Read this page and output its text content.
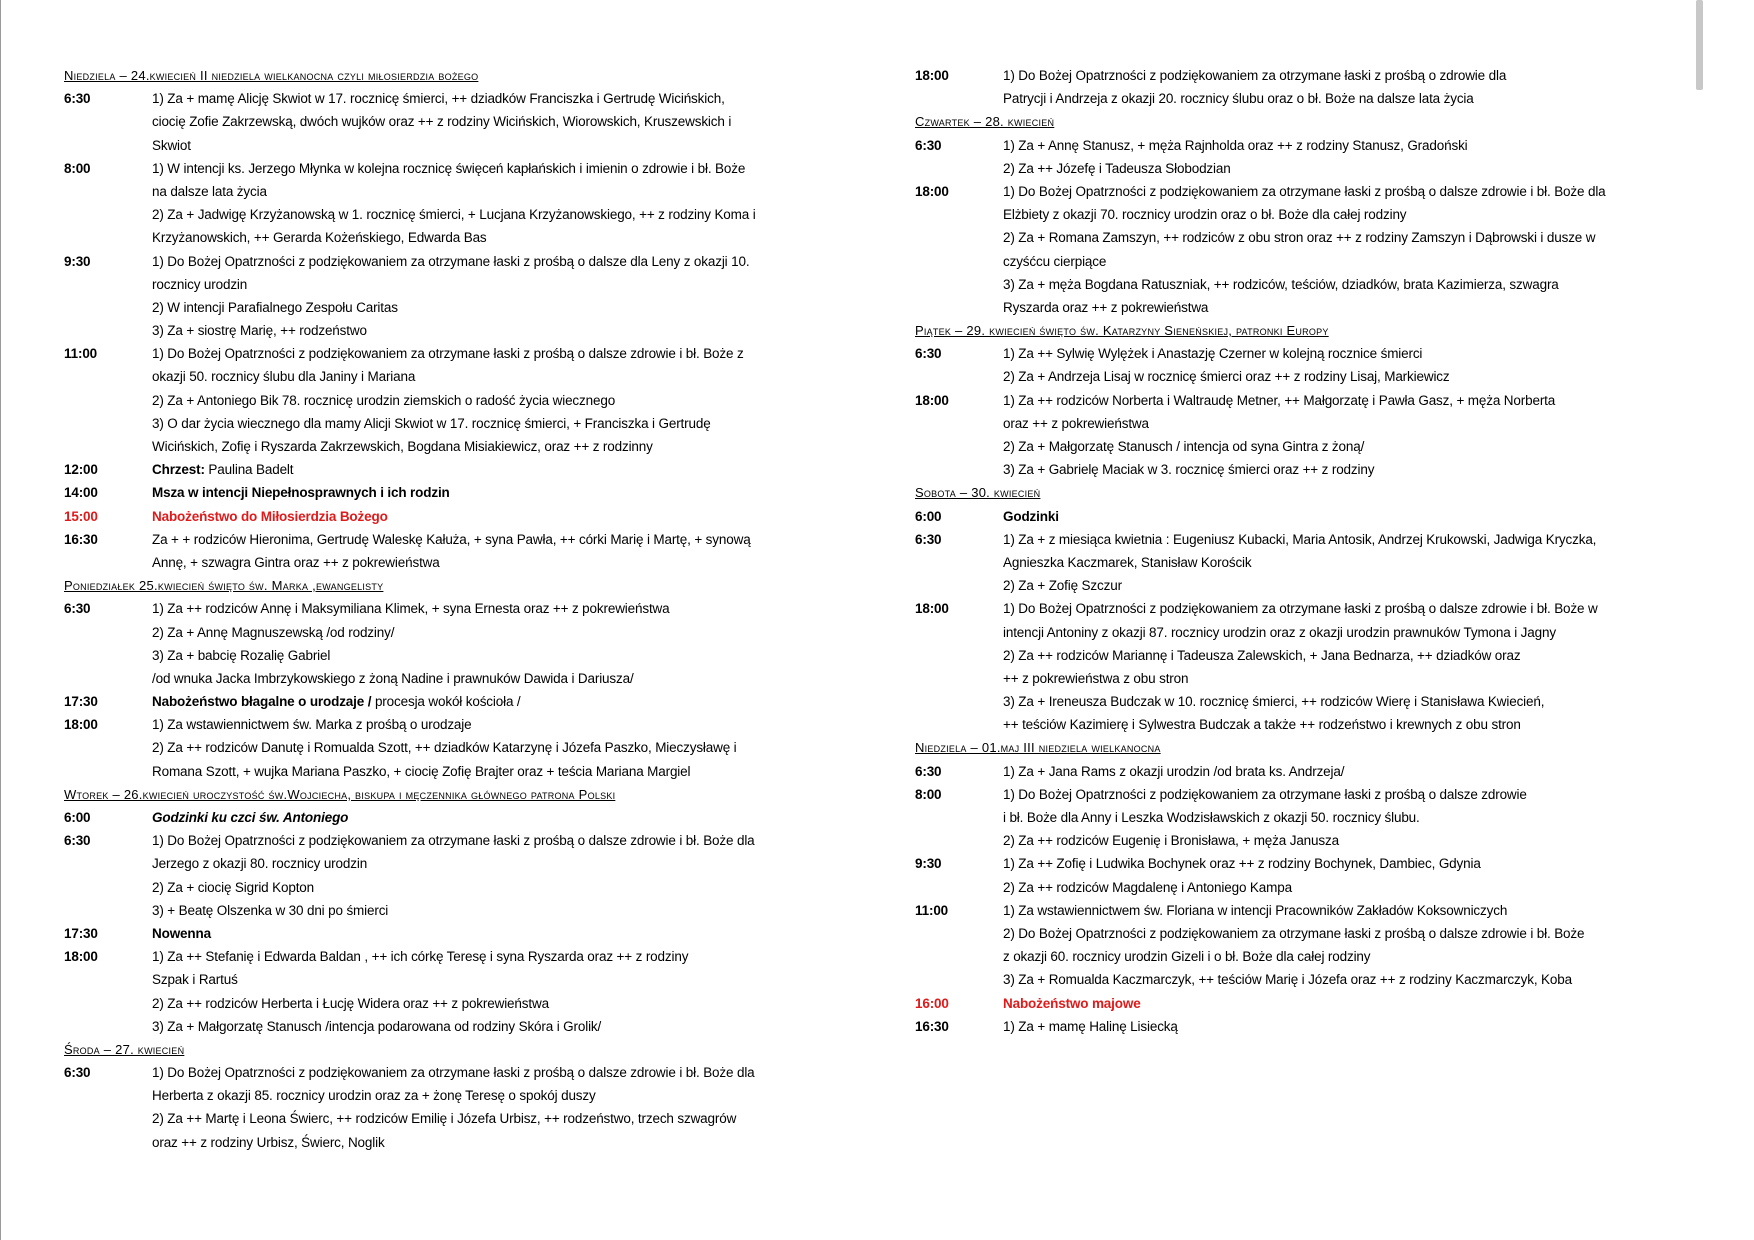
Niedziela – 24.kwiecień II niedziela wielkanocna czyli miłosierdzia bożego
6:30	1) Za + mamę Alicję Skwiot w 17. rocznicę śmierci, ++ dziadków Franciszka i Gertrudę Wicińskich,
ciocię Zofie Zakrzewską, dwóch wujków oraz ++ z rodziny Wicińskich, Wiorowskich, Kruszewskich i
Skwiot
8:00	1) W intencji ks. Jerzego Młynka w kolejna rocznicę święceń kapłańskich i imienin o zdrowie i bł. Boże
na dalsze lata życia
2) Za + Jadwigę Krzyżanowską w 1. rocznicę śmierci, + Lucjana Krzyżanowskiego, ++ z rodziny Koma i
Krzyżanowskich, ++ Gerarda Kożeńskiego, Edwarda Bas
9:30	1) Do Bożej Opatrzności z podziękowaniem za otrzymane łaski z prośbą o dalsze dla Leny z okazji 10.
rocznicy urodzin
2) W intencji Parafialnego Zespołu Caritas
3) Za + siostrę Marię, ++ rodzeństwo
11:00	1) Do Bożej Opatrzności z podziękowaniem za otrzymane łaski z prośbą o dalsze zdrowie i bł. Boże z
okazji 50. rocznicy ślubu dla Janiny i Mariana
2) Za + Antoniego Bik 78. rocznicę urodzin ziemskich o radość życia wiecznego
3) O dar życia wiecznego dla mamy Alicji Skwiot w 17. rocznicę śmierci, + Franciszka i Gertrudę
Wicińskich, Zofię i Ryszarda Zakrzewskich, Bogdana Misiakiewicz, oraz ++ z rodzinny
12:00	Chrzest: Paulina Badelt
14:00	Msza w intencji Niepełnosprawnych i ich rodzin
15:00	Nabożeństwo do Miłosierdzia Bożego
16:30	Za + + rodziców Hieronima, Gertrudę Waleskę Kałuża, + syna Pawła, ++ córki Marię i Martę, + synową
Annę, + szwagra Gintra oraz ++ z pokrewieństwa
Poniedziałek 25.kwiecień święto św. Marka ,ewangelisty
6:30	1) Za ++ rodziców Annę i Maksymiliana Klimek, + syna Ernesta oraz ++ z pokrewieństwa
2) Za + Annę Magnuszewską /od rodziny/
3) Za + babcię Rozalię Gabriel
/od wnuka Jacka Imbrzykowskiego z żoną Nadine i prawnuków Dawida i Dariusza/
17:30	Nabożeństwo błagalne o urodzaje / procesja wokół kościoła /
18:00	1) Za wstawiennictwem św. Marka z prośbą o urodzaje
2) Za ++ rodziców Danutę i Romualda Szott, ++ dziadków Katarzynę i Józefa Paszko, Mieczysławę i
Romana Szott, + wujka Mariana Paszko, + ciocię Zofię Brajter oraz + teścia Mariana Margiel
Wtorek – 26.kwiecień uroczystość św.Wojciecha, biskupa i męczennika głównego patrona Polski
6:00	Godzinki ku czci św. Antoniego
6:30	1) Do Bożej Opatrzności z podziękowaniem za otrzymane łaski z prośbą o dalsze zdrowie i bł. Boże dla
Jerzego z okazji 80. rocznicy urodzin
2) Za + ciocię Sigrid Kopton
3) + Beatę Olszenka w 30 dni po śmierci
17:30	Nowenna
18:00	1) Za ++ Stefanię i Edwarda Baldan , ++ ich córkę Teresę i syna Ryszarda oraz ++ z rodziny
Szpak i Rartuś
2) Za ++ rodziców Herberta i Łucję Widera oraz ++ z pokrewieństwa
3) Za + Małgorzatę Stanusch /intencja podarowana od rodziny Skóra i Grolik/
Środa – 27. kwiecień
6:30	1) Do Bożej Opatrzności z podziękowaniem za otrzymane łaski z prośbą o dalsze zdrowie i bł. Boże dla
Herberta z okazji 85. rocznicy urodzin oraz za + żonę Teresę o spokój duszy
2) Za ++ Martę i Leona Świerc, ++ rodziców Emilię i Józefa Urbisz, ++ rodzeństwo, trzech szwagrów
oraz ++ z rodziny Urbisz, Świerc, Noglik
18:00	1) Do Bożej Opatrzności z podziękowaniem za otrzymane łaski z prośbą o zdrowie dla
Patrycji i Andrzeja z okazji 20. rocznicy ślubu oraz o bł. Boże na dalsze lata życia
Czwartek – 28. kwiecień
6:30	1) Za + Annę Stanusz, + męża Rajnholda oraz ++ z rodziny Stanusz, Gradoński
2) Za ++ Józefę i Tadeusza Słobodzian
18:00	1) Do Bożej Opatrzności z podziękowaniem za otrzymane łaski z prośbą o dalsze zdrowie i bł. Boże dla
Elżbiety z okazji 70. rocznicy urodzin oraz o bł. Boże dla całej rodziny
2) Za + Romana Zamszyn, ++ rodziców z obu stron oraz ++ z rodziny Zamszyn i Dąbrowski i dusze w
czyśćcu cierpiące
3) Za + męża Bogdana Ratuszniak, ++ rodziców, teściów, dziadków, brata Kazimierza, szwagra
Ryszarda oraz ++ z pokrewieństwa
Piątek – 29. kwiecień święto św. Katarzyny Sieneńskiej, patronki Europy
6:30	1) Za ++ Sylwię Wylężek i Anastazję Czerner w kolejną rocznice śmierci
2) Za + Andrzeja Lisaj w rocznicę śmierci oraz ++ z rodziny Lisaj, Markiewicz
18:00	1) Za ++ rodziców Norberta i Waltraudę Metner, ++ Małgorzatę i Pawła Gasz, + męża Norberta
oraz ++ z pokrewieństwa
2) Za + Małgorzatę Stanusch / intencja od syna Gintra z żoną/
3) Za + Gabrielę Maciak w 3. rocznicę śmierci oraz ++ z rodziny
Sobota – 30. kwiecień
6:00	Godzinki
6:30	1) Za + z miesiąca kwietnia : Eugeniusz Kubacki, Maria Antosik, Andrzej Krukowski, Jadwiga Kryczka,
Agnieszka Kaczmarek, Stanisław Korościk
2) Za + Zofię Szczur
18:00	1) Do Bożej Opatrzności z podziękowaniem za otrzymane łaski z prośbą o dalsze zdrowie i bł. Boże w
intencji Antoniny z okazji 87. rocznicy urodzin oraz z okazji urodzin prawnuków Tymona i Jagny
2) Za ++ rodziców Mariannę i Tadeusza Zalewskich, + Jana Bednarza, ++ dziadków oraz
++ z pokrewieństwa z obu stron
3) Za + Ireneusza Budczak w 10. rocznicę śmierci, ++ rodziców Wierę i Stanisława Kwiecień,
++ teściów Kazimierę i Sylwestra Budczak a także ++ rodzeństwo i krewnych z obu stron
Niedziela – 01.maj III niedziela wielkanocna
6:30	1) Za + Jana Rams z okazji urodzin /od brata ks. Andrzeja/
8:00	1) Do Bożej Opatrzności z podziękowaniem za otrzymane łaski z prośbą o dalsze zdrowie
i bł. Boże dla Anny i Leszka Wodzisławskich z okazji 50. rocznicy ślubu.
2) Za ++ rodziców Eugenię i Bronisława, + męża Janusza
9:30	1) Za ++ Zofię i Ludwika Bochynek oraz ++ z rodziny Bochynek, Dambiec, Gdynia
2) Za ++ rodziców Magdalenę i Antoniego Kampa
11:00	1) Za wstawiennictwem św. Floriana w intencji Pracowników Zakładów Koksowniczych
2) Do Bożej Opatrzności z podziękowaniem za otrzymane łaski z prośbą o dalsze zdrowie i bł. Boże
z okazji 60. rocznicy urodzin Gizeli i o bł. Boże dla całej rodziny
3) Za + Romualda Kaczmarczyk, ++ teściów Marię i Józefa oraz ++ z rodziny Kaczmarczyk, Koba
16:00	Nabożeństwo majowe
16:30	1) Za + mamę Halinę Lisiecką
